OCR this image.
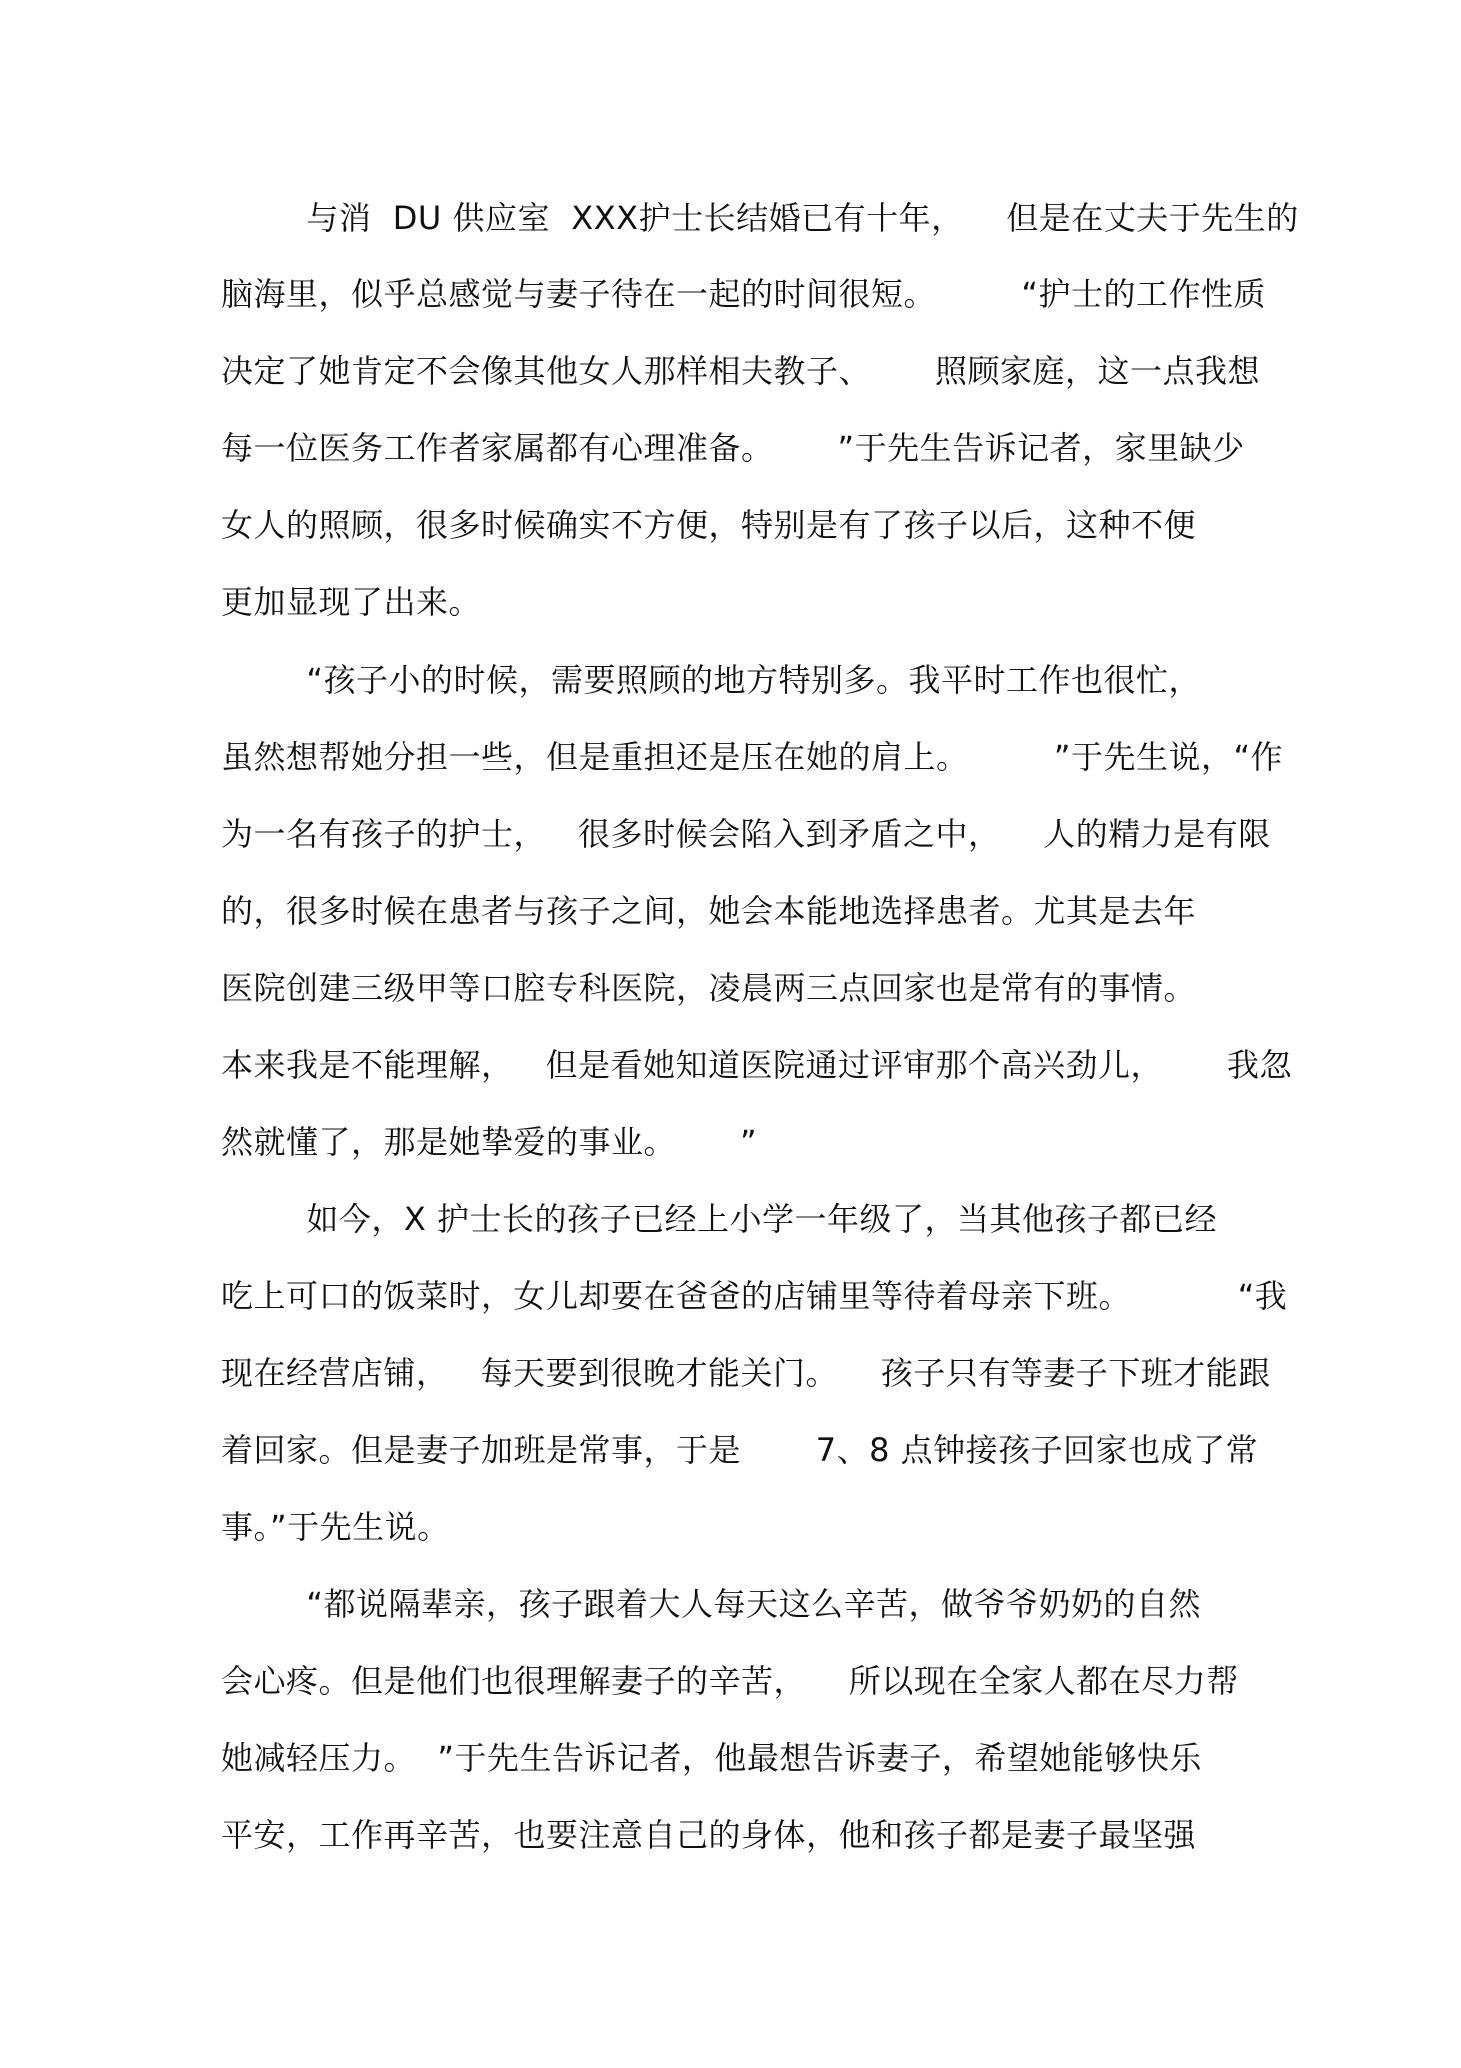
与消  DU 供应室  XXX护士长结婚已有十年，    但是在丈夫于先生的
脑海里，似乎总感觉与妻子待在一起的时间很短。        “护士的工作性质
决定了她肯定不会像其他女人那样相夫教子、      照顾家庭，这一点我想
每一位医务工作者家属都有心理准备。      ”于先生告诉记者，家里缺少
女人的照顾，很多时候确实不方便，特别是有了孩子以后，这种不便
更加显现了出来。
“孩子小的时候，需要照顾的地方特别多。我平时工作也很忙，
虽然想帮她分担一些，但是重担还是压在她的肩上。        ”于先生说，“作
为一名有孩子的护士，   很多时候会陷入到矛盾之中，    人的精力是有限
的，很多时候在患者与孩子之间，她会本能地选择患者。尤其是去年
医院创建三级甲等口腔专科医院，凌晨两三点回家也是常有的事情。
本来我是不能理解，   但是看她知道医院通过评审那个高兴劲儿，      我忽
然就懂了，那是她挚爱的事业。      ”
如今，X 护士长的孩子已经上小学一年级了，当其他孩子都已经
吃上可口的饭菜时，女儿却要在爸爸的店铺里等待着母亲下班。          “我
现在经营店铺，   每天要到很晚才能关门。    孩子只有等妻子下班才能跟
着回家。但是妻子加班是常事，于是       7、8 点钟接孩子回家也成了常
事。”于先生说。
“都说隔辈亲，孩子跟着大人每天这么辛苦，做爷爷奶奶的自然
会心疼。但是他们也很理解妻子的辛苦，    所以现在全家人都在尽力帮
她减轻压力。  ”于先生告诉记者，他最想告诉妻子，希望她能够快乐
平安，工作再辛苦，也要注意自己的身体，他和孩子都是妻子最坚强
